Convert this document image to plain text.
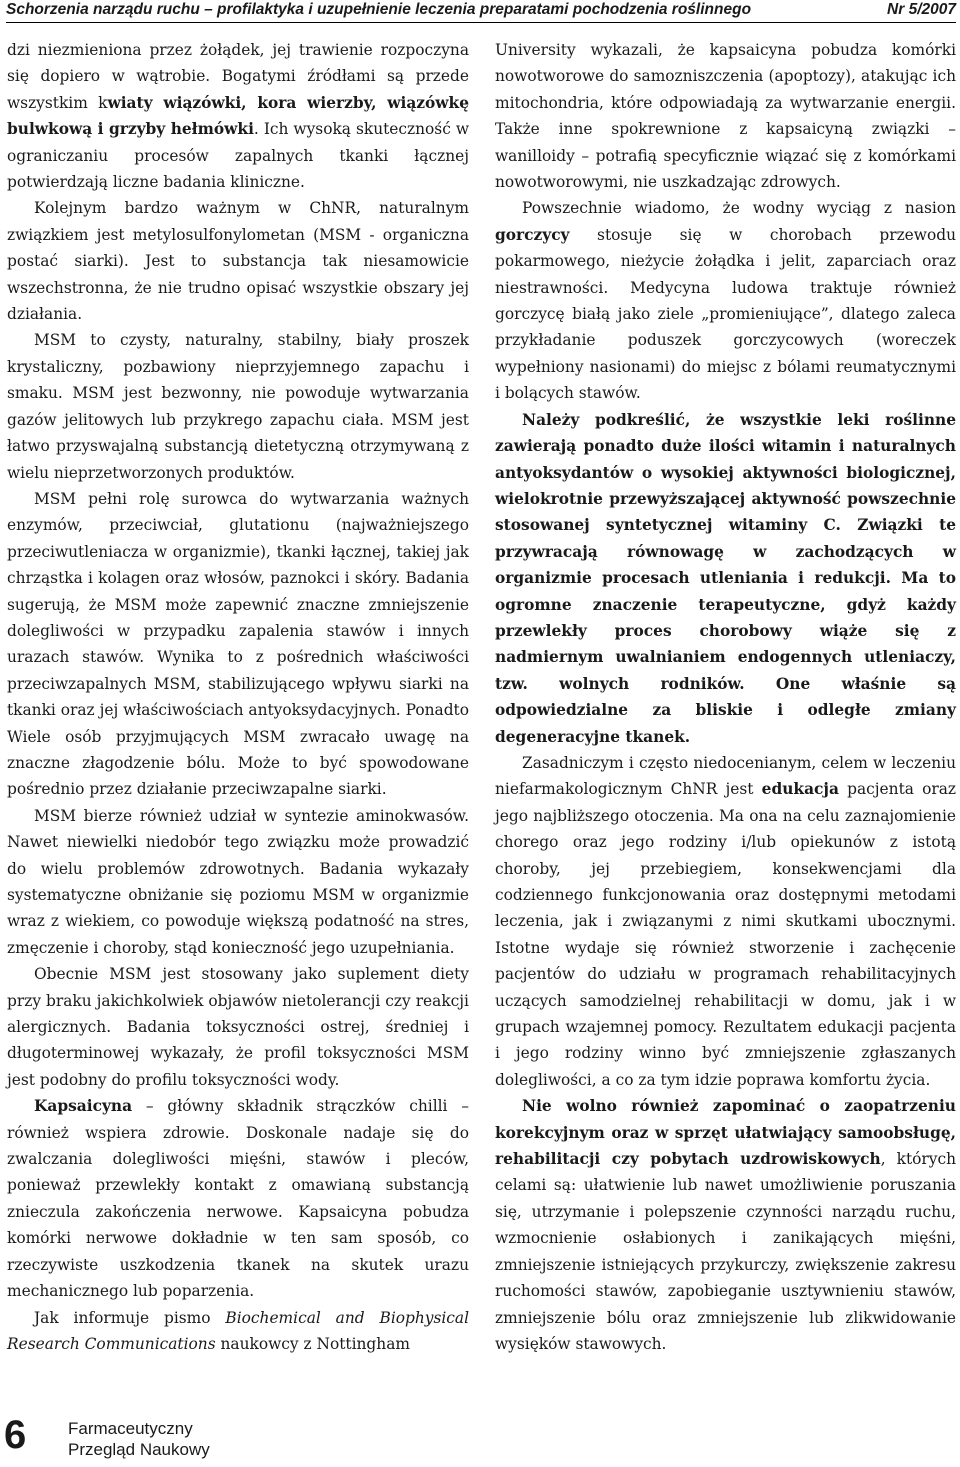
Schorzenia narządu ruchu – profilaktyka i uzupełnienie leczenia preparatami pochodzenia roślinnego	Nr 5/2007

dzi niezmieniona przez żołądek, jej trawienie rozpoczyna się dopiero w wątrobie. Bogatymi źródłami są przede wszystkim kwiaty wiązówki, kora wierzby, wiązówkę bulwkową i grzyby hełmówki. Ich wysoką skuteczność w ograniczaniu procesów zapalnych tkanki łącznej potwierdzają liczne badania kliniczne.

Kolejnym bardzo ważnym w ChNR, naturalnym związkiem jest metylosulfonylometan (MSM - organiczna postać siarki). Jest to substancja tak niesamowicie wszechstronna, że nie trudno opisać wszystkie obszary jej działania.

MSM to czysty, naturalny, stabilny, biały proszek krystaliczny, pozbawiony nieprzyjemnego zapachu i smaku. MSM jest bezwonny, nie powoduje wytwarzania gazów jelitowych lub przykrego zapachu ciała. MSM jest łatwo przyswajalną substancją dietetyczną otrzymywaną z wielu nieprzetworzonych produktów.

MSM pełni rolę surowca do wytwarzania ważnych enzymów, przeciwciał, glutationu (najważniejszego przeciwutleniacza w organizmie), tkanki łącznej, takiej jak chrząstka i kolagen oraz włosów, paznokci i skóry. Badania sugerują, że MSM może zapewnić znaczne zmniejszenie dolegliwości w przypadku zapalenia stawów i innych urazach stawów. Wynika to z pośrednich właściwości przeciwzapalnych MSM, stabilizującego wpływu siarki na tkanki oraz jej właściwościach antyoksydacyjnych. Ponadto Wiele osób przyjmujących MSM zwracało uwagę na znaczne złagodzenie bólu. Może to być spowodowane pośrednio przez działanie przeciwzapalne siarki.

MSM bierze również udział w syntezie aminokwasów. Nawet niewielki niedobór tego związku może prowadzić do wielu problemów zdrowotnych. Badania wykazały systematyczne obniżanie się poziomu MSM w organizmie wraz z wiekiem, co powoduje większą podatność na stres, zmęczenie i choroby, stąd konieczność jego uzupełniania.

Obecnie MSM jest stosowany jako suplement diety przy braku jakichkolwiek objawów nietolerancji czy reakcji alergicznych. Badania toksyczności ostrej, średniej i długoterminowej wykazały, że profil toksyczności MSM jest podobny do profilu toksyczności wody.

Kapsaicyna – główny składnik strączków chilli – również wspiera zdrowie. Doskonale nadaje się do zwalczania dolegliwości mięśni, stawów i pleców, ponieważ przewlekły kontakt z omawianą substancją znieczula zakończenia nerwowe. Kapsaicyna pobudza komórki nerwowe dokładnie w ten sam sposób, co rzeczywiste uszkodzenia tkanek na skutek urazu mechanicznego lub poparzenia.

Jak informuje pismo Biochemical and Biophysical Research Communications naukowcy z Nottingham

University wykazali, że kapsaicyna pobudza komórki nowotworowe do samozniszczenia (apoptozy), atakując ich mitochondria, które odpowiadają za wytwarzanie energii. Także inne spokrewnione z kapsaicyną związki – wanilloidy – potrafią specyficznie wiązać się z komórkami nowotworowymi, nie uszkadzając zdrowych.

Powszechnie wiadomo, że wodny wyciąg z nasion gorczycy stosuje się w chorobach przewodu pokarmowego, nieżycie żołądka i jelit, zaparciach oraz niestrawności. Medycyna ludowa traktuje również gorczycę białą jako ziele „promieniujące”, dlatego zaleca przykładanie poduszek gorczycowych (woreczek wypełniony nasionami) do miejsc z bólami reumatycznymi i bolących stawów.

Należy podkreślić, że wszystkie leki roślinne zawierają ponadto duże ilości witamin i naturalnych antyoksydantów o wysokiej aktywności biologicznej, wielokrotnie przewyższającej aktywność powszechnie stosowanej syntetycznej witaminy C. Związki te przywracają równowagę w zachodzących w organizmie procesach utleniania i redukcji. Ma to ogromne znaczenie terapeutyczne, gdyż każdy przewlekły proces chorobowy wiąże się z nadmiernym uwalnianiem endogennych utleniaczy, tzw. wolnych rodników. One właśnie są odpowiedzialne za bliskie i odległe zmiany degeneracyjne tkanek.

Zasadniczym i często niedocenianym, celem w leczeniu niefarmakologicznym ChNR jest edukacja pacjenta oraz jego najbliższego otoczenia. Ma ona na celu zaznajomienie chorego oraz jego rodziny i/lub opiekunów z istotą choroby, jej przebiegiem, konsekwencjami dla codziennego funkcjonowania oraz dostępnymi metodami leczenia, jak i związanymi z nimi skutkami ubocznymi. Istotne wydaje się również stworzenie i zachęcenie pacjentów do udziału w programach rehabilitacyjnych uczących samodzielnej rehabilitacji w domu, jak i w grupach wzajemnej pomocy. Rezultatem edukacji pacjenta i jego rodziny winno być zmniejszenie zgłaszanych dolegliwości, a co za tym idzie poprawa komfortu życia.

Nie wolno również zapominać o zaopatrzeniu korekcyjnym oraz w sprzęt ułatwiający samoobsługę, rehabilitacji czy pobytach uzdrowiskowych, których celami są: ułatwienie lub nawet umożliwienie poruszania się, utrzymanie i polepszenie czynności narządu ruchu, wzmocnienie osłabionych i zanikających mięśni, zmniejszenie istniejących przykurczy, zwiększenie zakresu ruchomości stawów, zapobieganie usztywnieniu stawów, zmniejszenie bólu oraz zmniejszenie lub zlikwidowanie wysięków stawowych.

6 Farmaceutyczny
Przegląd Naukowy
